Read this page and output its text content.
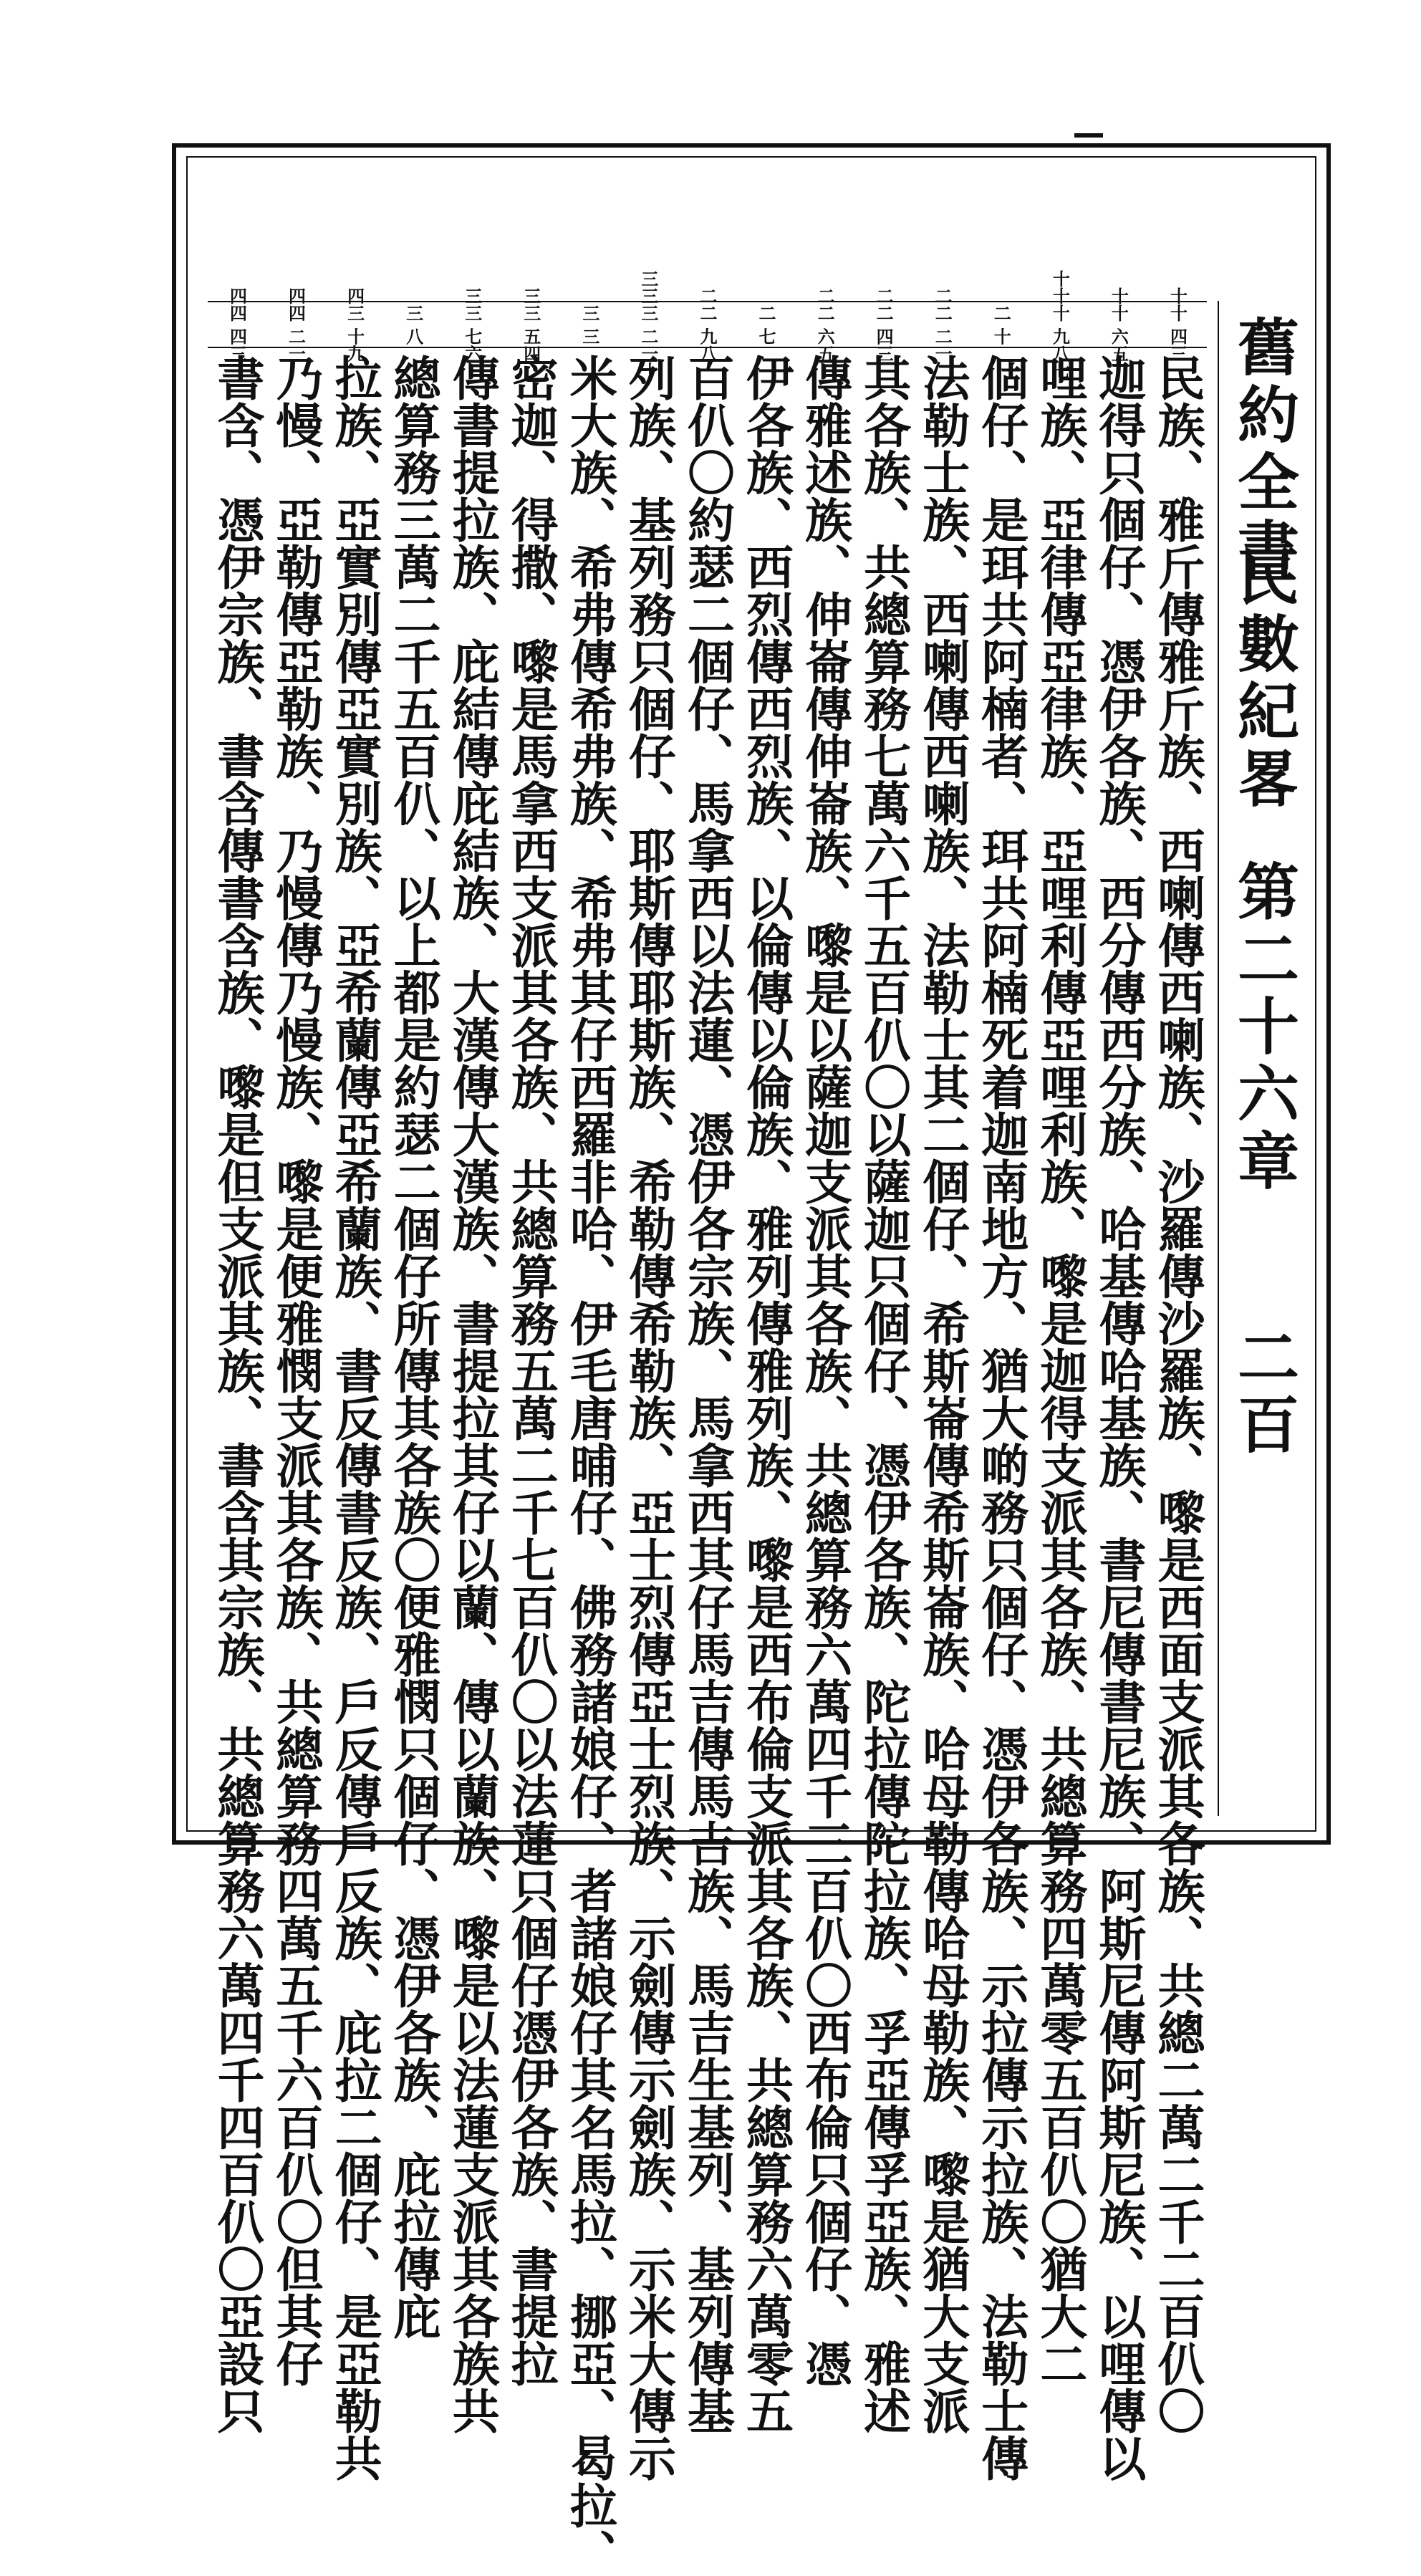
舊約全書
民數紀畧
第二十六章
二百
十十 四三
民族、雅斤傳雅斤族、西喇傳西喇族、沙羅傳沙羅族、嚟是西面支派其各族、共總二萬二千二百仈〇
十十 六五
迦得只個仔、憑伊各族、西分傳西分族、哈基傳哈基族、書尼傳書尼族、阿斯尼傳阿斯尼族、以哩傳以
十十十 九八七
哩族、亞律傳亞律族、亞哩利傳亞哩利族、嚟是迦得支派其各族、共總算務四萬零五百仈〇猶大二
二 十
個仔、是珥共阿楠者、珥共阿楠死着迦南地方、猶大啲務只個仔、憑伊各族、示拉傳示拉族、法勒士傳
二二 二一
法勒士族、西喇傳西喇族、法勒士其二個仔、希斯崙傳希斯崙族、哈母勒傳哈母勒族、嚟是猶大支派
二二 四三
其各族、共總算務七萬六千五百仈〇以薩迦只個仔、憑伊各族、陀拉傳陀拉族、孚亞傳孚亞族、雅述
二二 六五
傳雅述族、伸崙傳伸崙族、嚟是以薩迦支派其各族、共總算務六萬四千三百仈〇西布倫只個仔、憑
二 七
伊各族、西烈傳西烈族、以倫傳以倫族、雅列傳雅列族、嚟是西布倫支派其各族、共總算務六萬零五
二二 九八
百仈〇約瑟二個仔、馬拿西以法蓮、憑伊各宗族、馬拿西其仔馬吉傳馬吉族、馬吉生基列、基列傳基
三三三 二一十
列族、基列務只個仔、耶斯傳耶斯族、希勒傳希勒族、亞士烈傳亞士烈族、示劍傳示劍族、示米大傳示
三 三
米大族、希弗傳希弗族、希弗其仔西羅非哈、伊毛唐晡仔、佛務諸娘仔、者諸娘仔其名馬拉、挪亞、曷拉、
三三 五四
密迦、得撒、嚟是馬拿西支派其各族、共總算務五萬二千七百仈〇以法蓮只個仔憑伊各族、書提拉
三三 七六
傳書提拉族、庇結傳庇結族、大漢傳大漢族、書提拉其仔以蘭、傳以蘭族、嚟是以法蓮支派其各族共
三 八
總算務三萬二千五百仈、以上都是約瑟二個仔所傳其各族〇便雅憫只個仔、憑伊各族、庇拉傳庇
四三 十九
拉族、亞實別傳亞實別族、亞希蘭傳亞希蘭族、書反傳書反族、戶反傳戶反族、庇拉二個仔、是亞勒共
四四 二一
乃慢、亞勒傳亞勒族、乃慢傳乃慢族、嚟是便雅憫支派其各族、共總算務四萬五千六百仈〇但其仔
四四 四三
書含、憑伊宗族、書含傳書含族、嚟是但支派其族、書含其宗族、共總算務六萬四千四百仈〇亞設只
